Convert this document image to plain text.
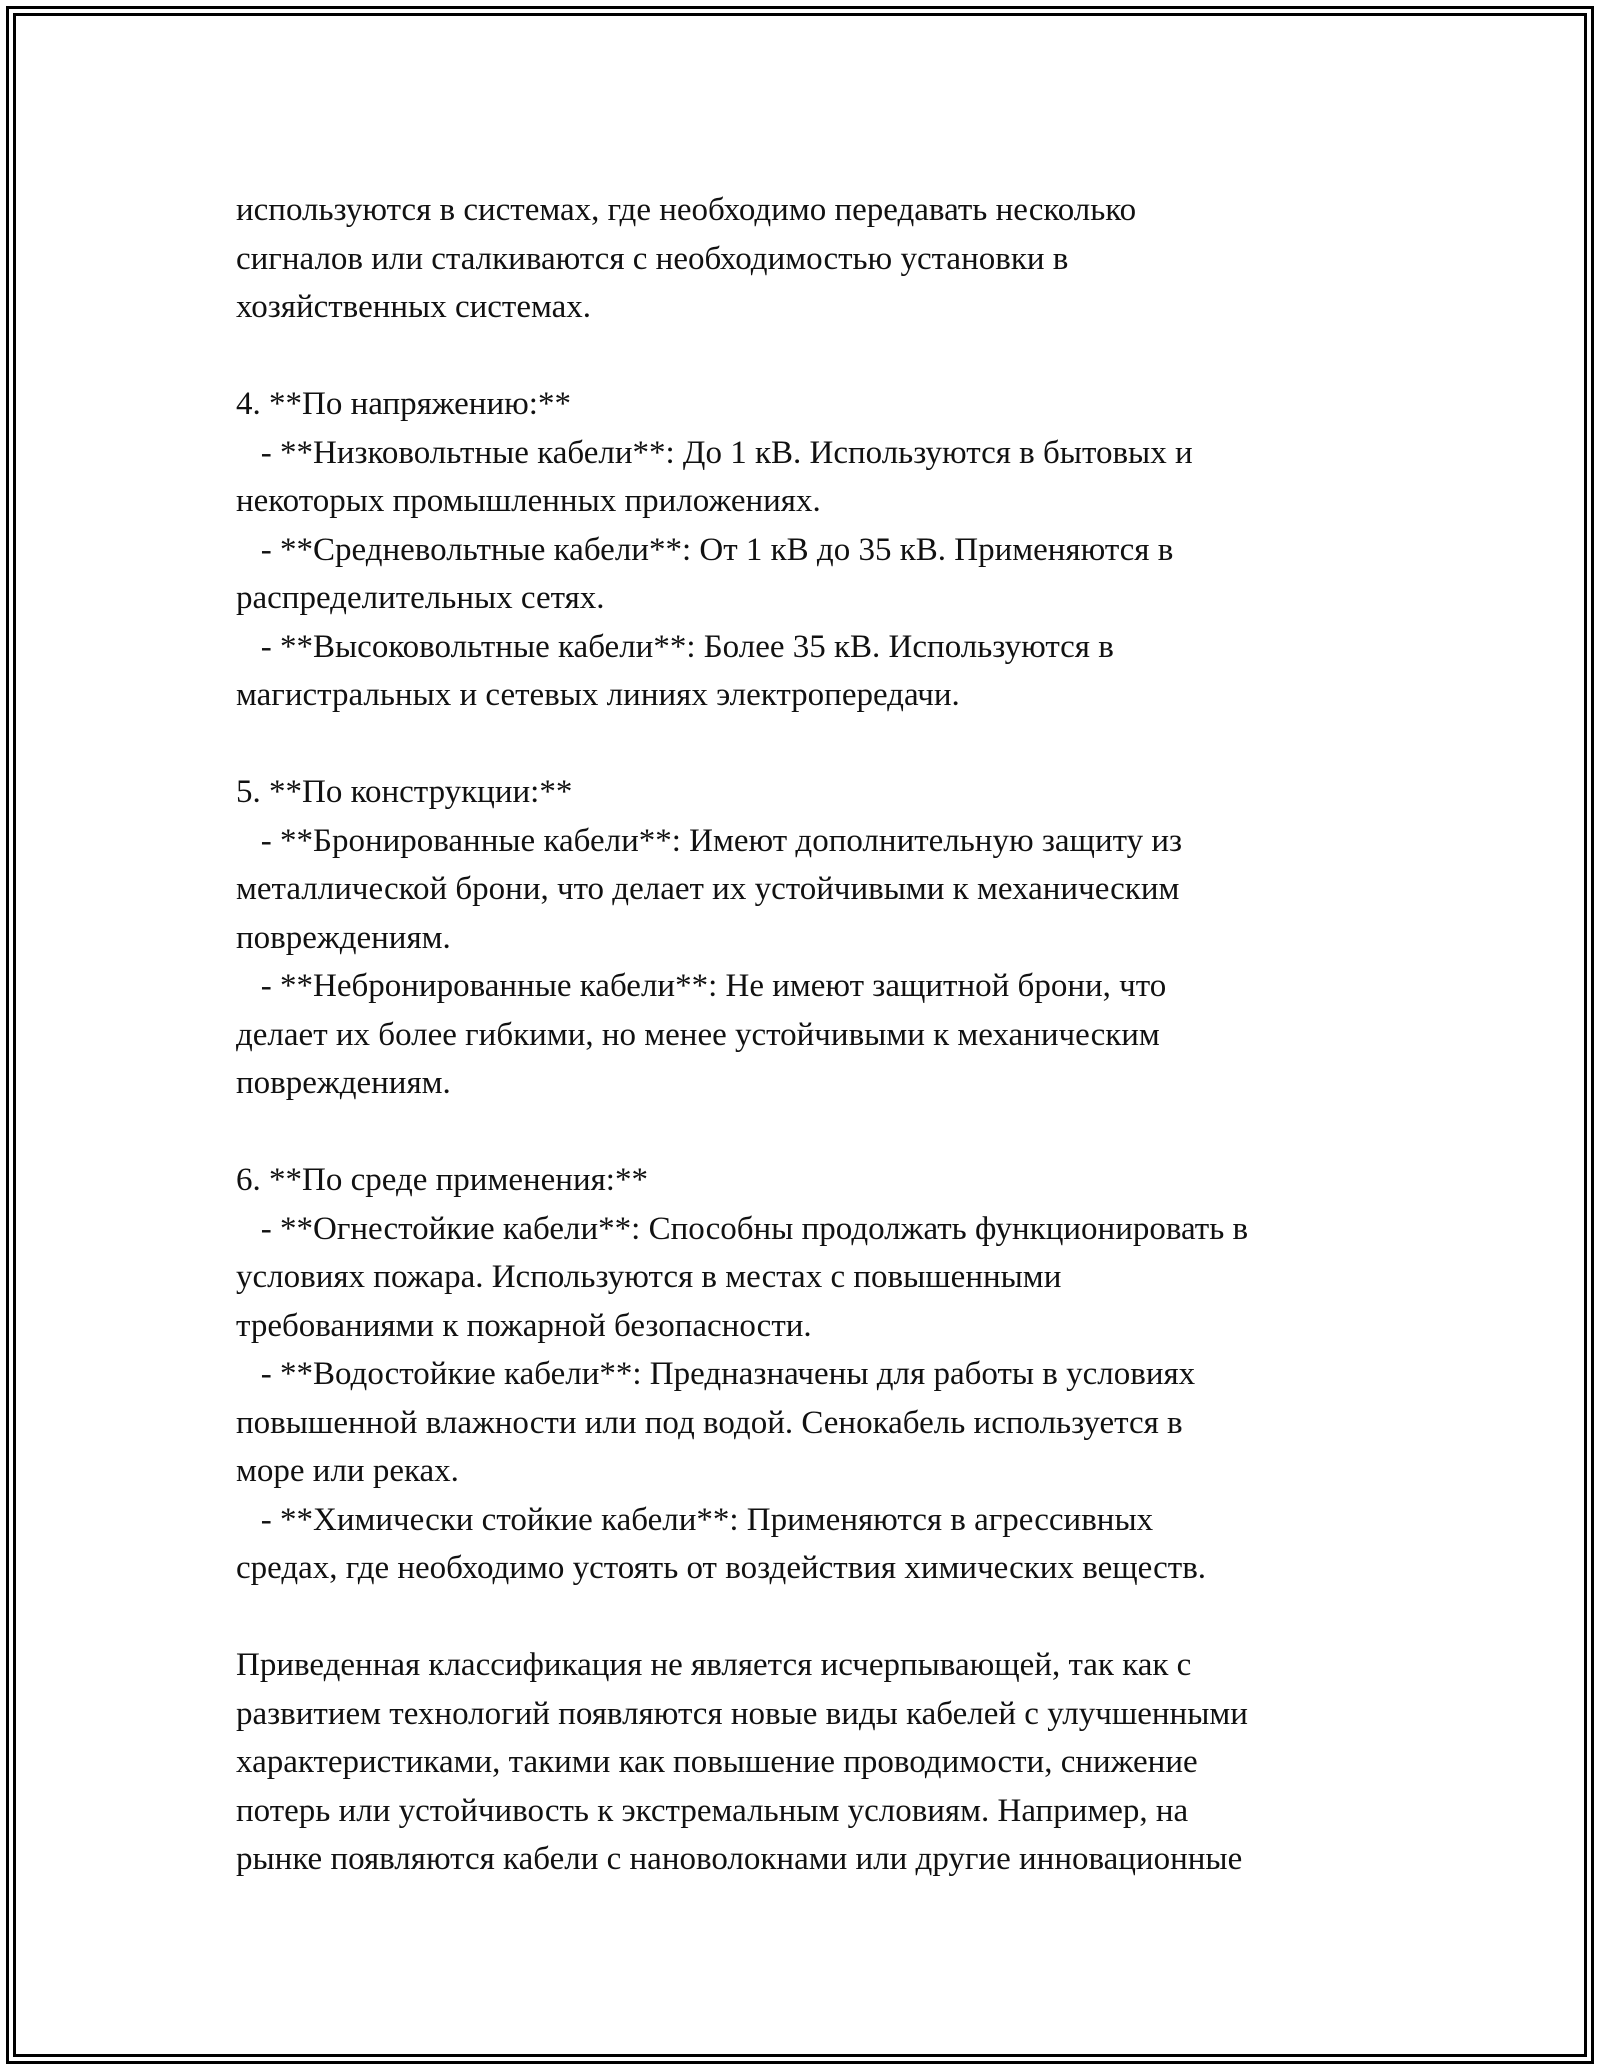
используются в системах, где необходимо передавать несколько
сигналов или сталкиваются с необходимостью установки в
хозяйственных системах.
4. **По напряжению:**
- **Низковольтные кабели**: До 1 кВ. Используются в бытовых и
некоторых промышленных приложениях.
- **Средневольтные кабели**: От 1 кВ до 35 кВ. Применяются в
распределительных сетях.
- **Высоковольтные кабели**: Более 35 кВ. Используются в
магистральных и сетевых линиях электропередачи.
5. **По конструкции:**
- **Бронированные кабели**: Имеют дополнительную защиту из
металлической брони, что делает их устойчивыми к механическим
повреждениям.
- **Небронированные кабели**: Не имеют защитной брони, что
делает их более гибкими, но менее устойчивыми к механическим
повреждениям.
6. **По среде применения:**
- **Огнестойкие кабели**: Способны продолжать функционировать в
условиях пожара. Используются в местах с повышенными
требованиями к пожарной безопасности.
- **Водостойкие кабели**: Предназначены для работы в условиях
повышенной влажности или под водой. Сенокабель используется в
море или реках.
- **Химически стойкие кабели**: Применяются в агрессивных
средах, где необходимо устоять от воздействия химических веществ.
Приведенная классификация не является исчерпывающей, так как с
развитием технологий появляются новые виды кабелей с улучшенными
характеристиками, такими как повышение проводимости, снижение
потерь или устойчивость к экстремальным условиям. Например, на
рынке появляются кабели с нановолокнами или другие инновационные
